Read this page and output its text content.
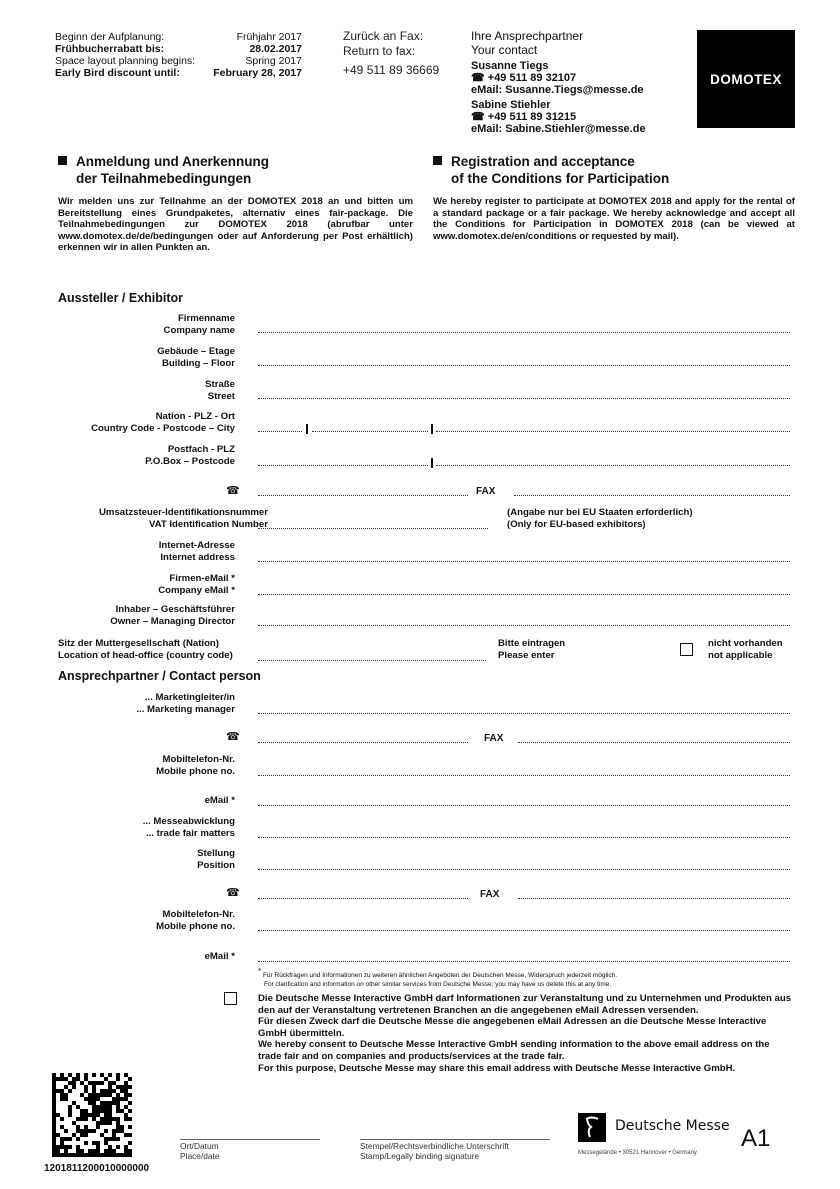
Beginn der Aufplanung:	Frühjahr 2017
Frühbucherrabatt bis:	28.02.2017
Space layout planning begins:	Spring 2017
Early Bird discount until:	February 28, 2017
Zurück an Fax:
Return to fax:
+49 511 89 36669
Ihre Ansprechpartner
Your contact
Susanne Tiegs
☎ +49 511 89 32107
eMail: Susanne.Tiegs@messe.de
Sabine Stiehler
☎ +49 511 89 31215
eMail: Sabine.Stiehler@messe.de
DOMOTEX
Anmeldung und Anerkennung
der Teilnahmebedingungen
Wir melden uns zur Teilnahme an der DOMOTEX 2018 an und bitten um Bereitstellung eines Grundpaketes, alternativ eines fair-package. Die Teilnahmebedingungen zur DOMOTEX 2018 (abrufbar unter www.domotex.de/de/bedingungen oder auf Anforderung per Post erhältlich) erkennen wir in allen Punkten an.
Registration and acceptance
of the Conditions for Participation
We hereby register to participate at DOMOTEX 2018 and apply for the rental of a standard package or a fair package. We hereby acknowledge and accept all the Conditions for Participation in DOMOTEX 2018 (can be viewed at www.domotex.de/en/conditions or requested by mail).
Aussteller / Exhibitor
Firmenname
Company name
Gebäude – Etage
Building – Floor
Straße
Street
Nation - PLZ - Ort
Country Code - Postcode – City
Postfach - PLZ
P.O.Box – Postcode
☎	FAX
Umsatzsteuer-Identifikationsnummer
VAT Identification Number
(Angabe nur bei EU Staaten erforderlich)
(Only for EU-based exhibitors)
Internet-Adresse
Internet address
Firmen-eMail *
Company eMail *
Inhaber – Geschäftsführer
Owner – Managing Director
Sitz der Muttergesellschaft (Nation)
Location of head-office (country code)
Bitte eintragen
Please enter
nicht vorhanden
not applicable
Ansprechpartner / Contact person
... Marketingleiter/in
... Marketing manager
☎	FAX
Mobiltelefon-Nr.
Mobile phone no.
eMail *
... Messeabwicklung
... trade fair matters
Stellung
Position
☎	FAX
Mobiltelefon-Nr.
Mobile phone no.
eMail *
* Für Rückfragen und Informationen zu weiteren ähnlichen Angeboten der Deutschen Messe, Widerspruch jederzeit möglich.
For clarification and information on other similar services from Deutsche Messe; you may have us delete this at any time.
Die Deutsche Messe Interactive GmbH darf Informationen zur Veranstaltung und zu Unternehmen und Produkten aus den auf der Veranstaltung vertretenen Branchen an die angegebenen eMail Adressen versenden.
Für diesen Zweck darf die Deutsche Messe die angegebenen eMail Adressen an die Deutsche Messe Interactive GmbH übermitteln.
We hereby consent to Deutsche Messe Interactive GmbH sending information to the above email address on the trade fair and on companies and products/services at the trade fair.
For this purpose, Deutsche Messe may share this email address with Deutsche Messe Interactive GmbH.
1201811200010000000
Ort/Datum
Place/date
Stempel/Rechtsverbindliche Unterschrift
Stamp/Legally binding signature
Deutsche Messe
Messegelände • 30521 Hannover • Germany
A1
